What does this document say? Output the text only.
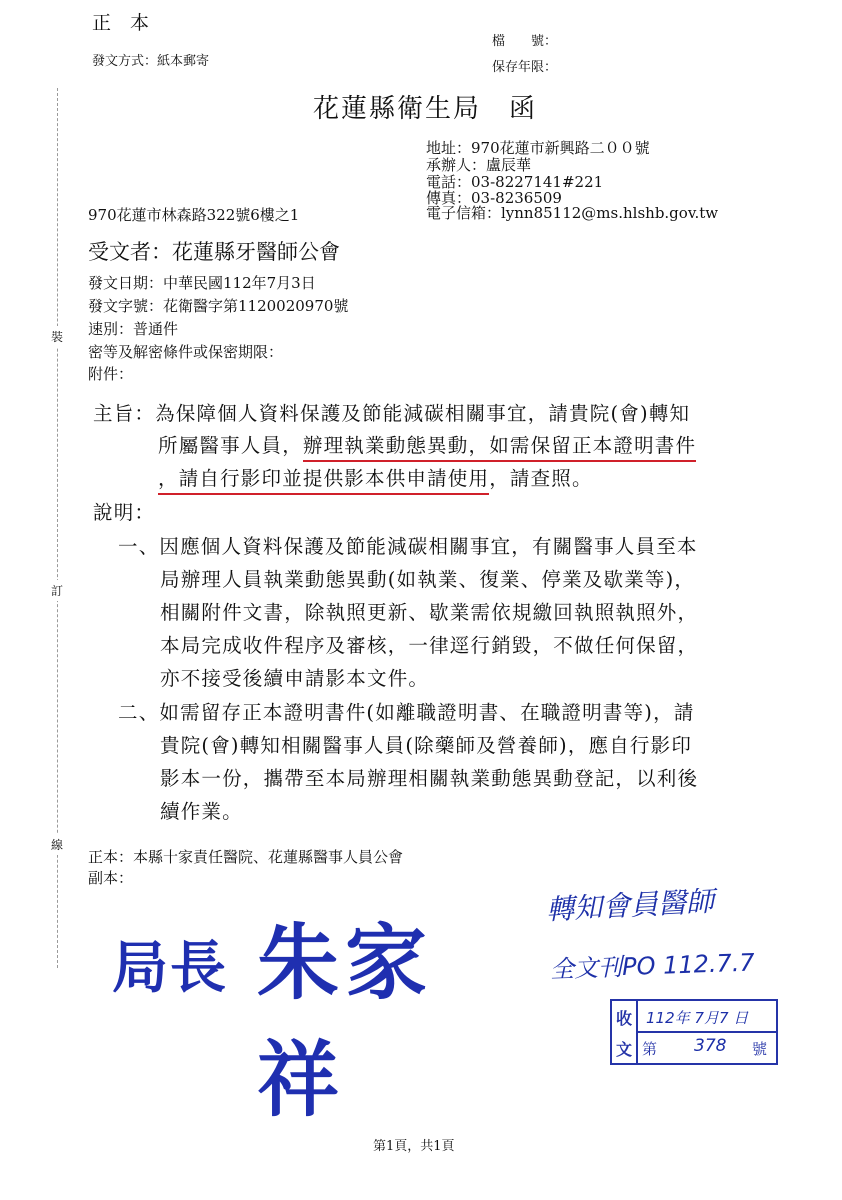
正　本
發文方式：紙本郵寄
檔　　號：
保存年限：
裝
訂
線
花蓮縣衛生局　函
地址：970花蓮市新興路二００號
承辦人：盧辰華
電話：03-8227141#221
傳真：03-8236509
電子信箱：lynn85112@ms.hlshb.gov.tw
970花蓮市林森路322號6樓之1
受文者：花蓮縣牙醫師公會
發文日期：中華民國112年7月3日
發文字號：花衛醫字第1120020970號
速別：普通件
密等及解密條件或保密期限：
附件：
主旨：為保障個人資料保護及節能減碳相關事宜，請貴院(會)轉知
所屬醫事人員，辦理執業動態異動，如需保留正本證明書件
，請自行影印並提供影本供申請使用，請查照。
說明：
一、因應個人資料保護及節能減碳相關事宜，有關醫事人員至本
局辦理人員執業動態異動(如執業、復業、停業及歇業等)，
相關附件文書，除執照更新、歇業需依規繳回執照執照外，
本局完成收件程序及審核，一律逕行銷毀，不做任何保留，
亦不接受後續申請影本文件。
二、如需留存正本證明書件(如離職證明書、在職證明書等)，請
貴院(會)轉知相關醫事人員(除藥師及營養師)，應自行影印
影本一份，攜帶至本局辦理相關執業動態異動登記，以利後
續作業。
正本：本縣十家責任醫院、花蓮縣醫事人員公會
副本：
局長 朱家祥
轉知會員醫師
全文刊PO 112.7.7
收
文
112年 7月7 日
第 378 號
第1頁，共1頁
